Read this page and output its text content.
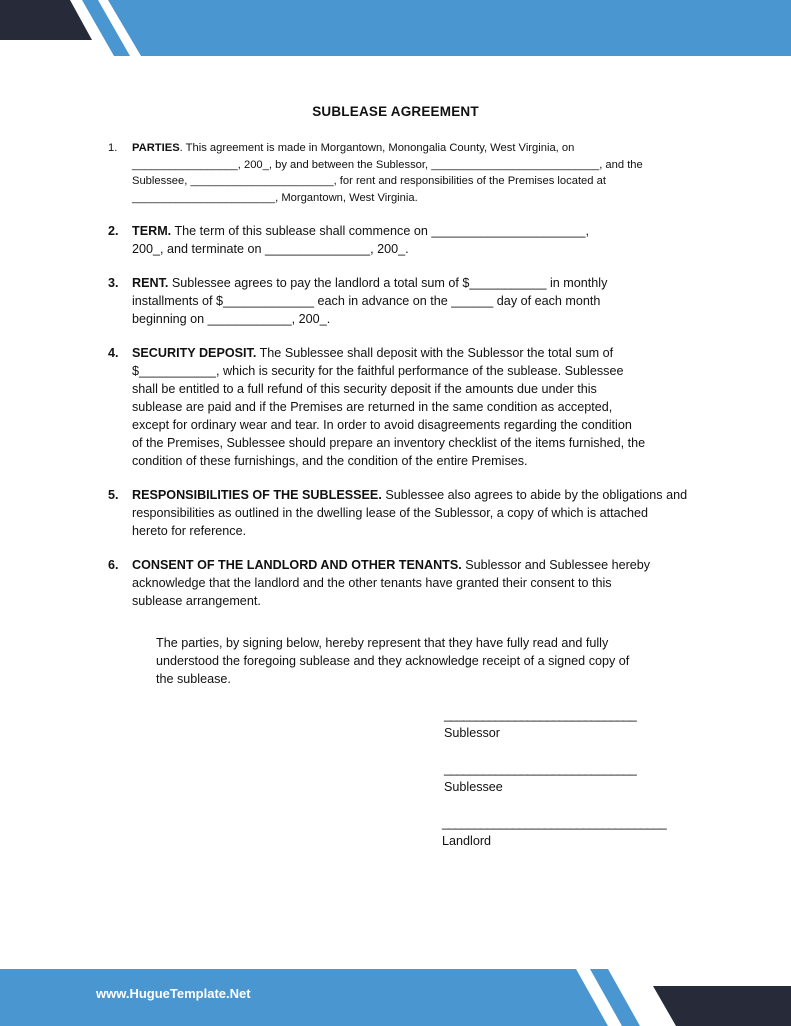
SUBLEASE AGREEMENT
1. PARTIES. This agreement is made in Morgantown, Monongalia County, West Virginia, on
_________________, 200_, by and between the Sublessor, ___________________________, and the
Sublessee, _______________________, for rent and responsibilities of the Premises located at
_______________________, Morgantown, West Virginia.
2. TERM. The term of this sublease shall commence on ______________________,
200_, and terminate on _______________, 200_.
3. RENT. Sublessee agrees to pay the landlord a total sum of $___________ in monthly
installments of $_____________ each in advance on the ______ day of each month
beginning on ____________, 200_.
4. SECURITY DEPOSIT. The Sublessee shall deposit with the Sublessor the total sum of
$___________, which is security for the faithful performance of the sublease. Sublessee
shall be entitled to a full refund of this security deposit if the amounts due under this
sublease are paid and if the Premises are returned in the same condition as accepted,
except for ordinary wear and tear. In order to avoid disagreements regarding the condition
of the Premises, Sublessee should prepare an inventory checklist of the items furnished, the
condition of these furnishings, and the condition of the entire Premises.
5. RESPONSIBILITIES OF THE SUBLESSEE. Sublessee also agrees to abide by the obligations and
responsibilities as outlined in the dwelling lease of the Sublessor, a copy of which is attached
hereto for reference.
6. CONSENT OF THE LANDLORD AND OTHER TENANTS. Sublessor and Sublessee hereby
acknowledge that the landlord and the other tenants have granted their consent to this
sublease arrangement.
The parties, by signing below, hereby represent that they have fully read and fully
understood the foregoing sublease and they acknowledge receipt of a signed copy of
the sublease.
______________________________
Sublessor
______________________________
Sublessee
___________________________________
Landlord
www.HugueTemplate.Net
